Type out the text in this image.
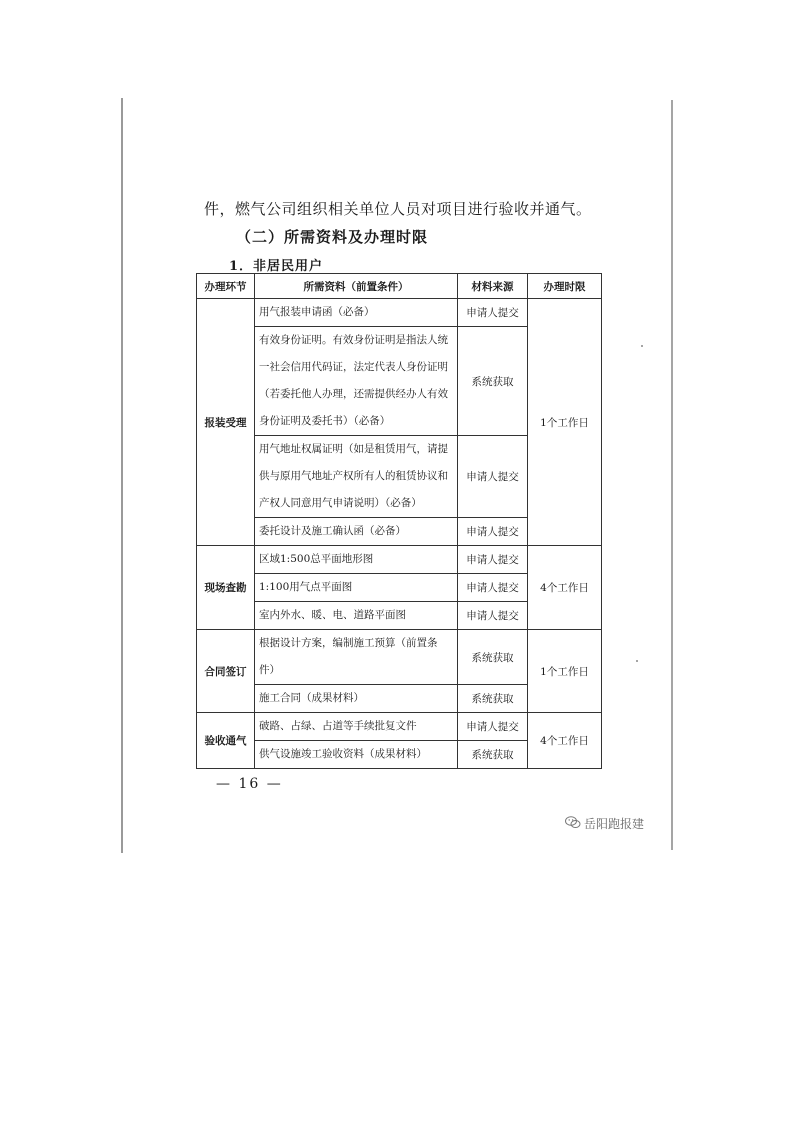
件，燃气公司组织相关单位人员对项目进行验收并通气。
（二）所需资料及办理时限
1．非居民用户
办理环节	所需资料（前置条件）	材料来源	办理时限
报装受理	用气报装申请函（必备）	申请人提交	1个工作日
	有效身份证明。有效身份证明是指法人统一社会信用代码证，法定代表人身份证明（若委托他人办理，还需提供经办人有效身份证明及委托书）（必备）	系统获取	
	用气地址权属证明（如是租赁用气，请提供与原用气地址产权所有人的租赁协议和产权人同意用气申请说明）（必备）	申请人提交	
	委托设计及施工确认函（必备）	申请人提交	
现场查勘	区域1:500总平面地形图	申请人提交	4个工作日
	1:100用气点平面图	申请人提交	
	室内外水、暖、电、道路平面图	申请人提交	
合同签订	根据设计方案，编制施工预算（前置条件）	系统获取	1个工作日
	施工合同（成果材料）	系统获取	
验收通气	破路、占绿、占道等手续批复文件	申请人提交	4个工作日
	供气设施竣工验收资料（成果材料）	系统获取	
— 16 —
岳阳跑报建
